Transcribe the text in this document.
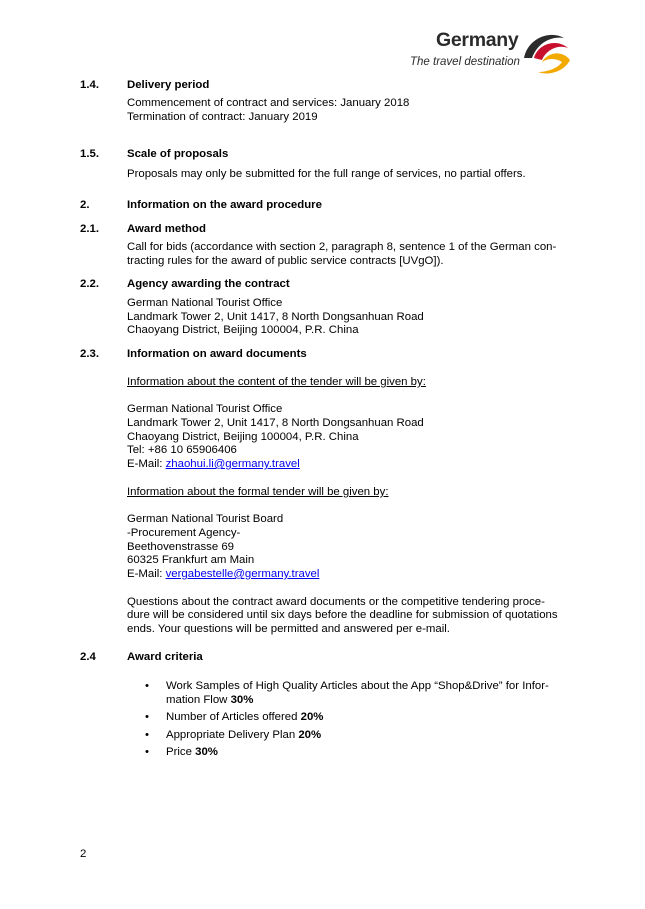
Germany
The travel destination
1.4. Delivery period
Commencement of contract and services: January 2018
Termination of contract: January 2019
1.5. Scale of proposals
Proposals may only be submitted for the full range of services, no partial offers.
2.	Information on the award procedure
2.1. Award method
Call for bids (accordance with section 2, paragraph 8, sentence 1 of the German con-
tracting rules for the award of public service contracts [UVgO]).
2.2. Agency awarding the contract
German National Tourist Office
Landmark Tower 2, Unit 1417, 8 North Dongsanhuan Road
Chaoyang District, Beijing 100004, P.R. China
2.3. Information on award documents
Information about the content of the tender will be given by:
German National Tourist Office
Landmark Tower 2, Unit 1417, 8 North Dongsanhuan Road
Chaoyang District, Beijing 100004, P.R. China
Tel: +86 10 65906406
E-Mail: zhaohui.li@germany.travel
Information about the formal tender will be given by:
German National Tourist Board
-Procurement Agency-
Beethovenstrasse 69
60325 Frankfurt am Main
E-Mail: vergabestelle@germany.travel
Questions about the contract award documents or the competitive tendering proce-
dure will be considered until six days before the deadline for submission of quotations
ends. Your questions will be permitted and answered per e-mail.
2.4	Award criteria
• Work Samples of High Quality Articles about the App “Shop&Drive” for Infor-
mation Flow 30%
• Number of Articles offered 20%
• Appropriate Delivery Plan 20%
• Price 30%
2
